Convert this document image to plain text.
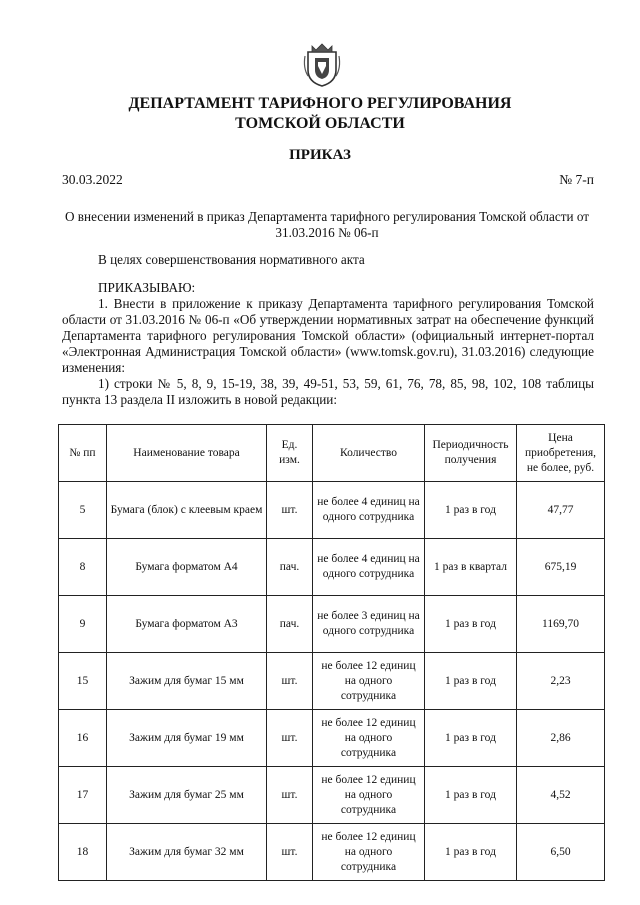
ДЕПАРТАМЕНТ ТАРИФНОГО РЕГУЛИРОВАНИЯ
ТОМСКОЙ ОБЛАСТИ
ПРИКАЗ
30.03.2022	№ 7-п
О внесении изменений в приказ Департамента тарифного регулирования Томской области от 31.03.2016 № 06-п
В целях совершенствования нормативного акта
ПРИКАЗЫВАЮ:
1. Внести в приложение к приказу Департамента тарифного регулирования Томской области от 31.03.2016 № 06-п «Об утверждении нормативных затрат на обеспечение функций Департамента тарифного регулирования Томской области» (официальный интернет-портал «Электронная Администрация Томской области» (www.tomsk.gov.ru), 31.03.2016) следующие изменения:
1) строки № 5, 8, 9, 15-19, 38, 39, 49-51, 53, 59, 61, 76, 78, 85, 98, 102, 108 таблицы пункта 13 раздела II изложить в новой редакции:
№ пп	Наименование товара	Ед. изм.	Количество	Периодичность получения	Цена приобретения, не более, руб.
5	Бумага (блок) с клеевым краем	шт.	не более 4 единиц на одного сотрудника	1 раз в год	47,77
8	Бумага форматом А4	пач.	не более 4 единиц на одного сотрудника	1 раз в квартал	675,19
9	Бумага форматом А3	пач.	не более 3 единиц на одного сотрудника	1 раз в год	1169,70
15	Зажим для бумаг 15 мм	шт.	не более 12 единиц на одного сотрудника	1 раз в год	2,23
16	Зажим для бумаг 19 мм	шт.	не более 12 единиц на одного сотрудника	1 раз в год	2,86
17	Зажим для бумаг 25 мм	шт.	не более 12 единиц на одного сотрудника	1 раз в год	4,52
18	Зажим для бумаг 32 мм	шт.	не более 12 единиц на одного сотрудника	1 раз в год	6,50
